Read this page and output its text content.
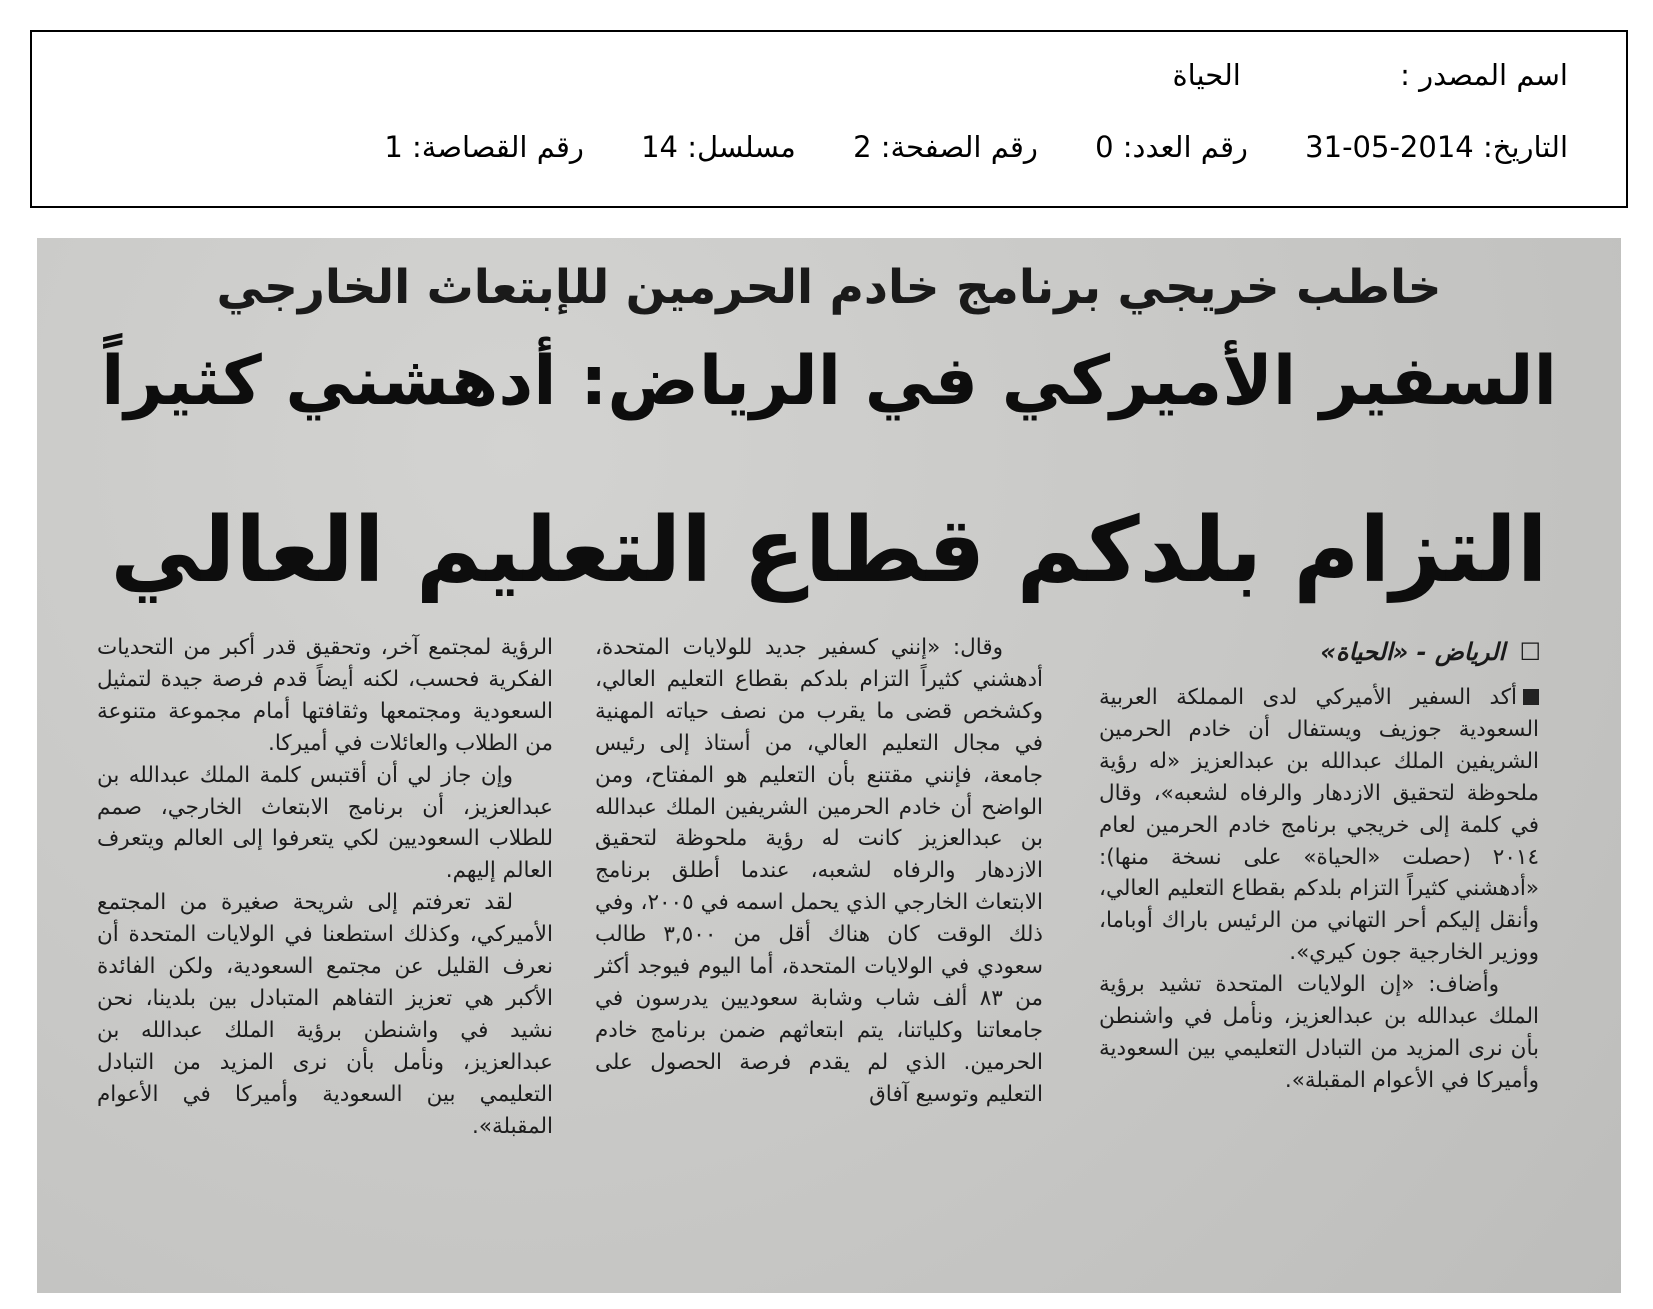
اسم المصدر : الحياة
التاريخ: 2014-05-31 رقم العدد: 0 رقم الصفحة: 2 مسلسل: 14 رقم القصاصة: 1
خاطب خريجي برنامج خادم الحرمين للإبتعاث الخارجي
السفير الأميركي في الرياض: أدهشني كثيراً
التزام بلدكم قطاع التعليم العالي
☐ الرياض - «الحياة»

أكد السفير الأميركي لدى المملكة العربية السعودية جوزيف ويستفال أن خادم الحرمين الشريفين الملك عبدالله بن عبدالعزيز «له رؤية ملحوظة لتحقيق الازدهار والرفاه لشعبه»، وقال في كلمة إلى خريجي برنامج خادم الحرمين لعام ٢٠١٤ (حصلت «الحياة» على نسخة منها): «أدهشني كثيراً التزام بلدكم بقطاع التعليم العالي، وأنقل إليكم أحر التهاني من الرئيس باراك أوباما، ووزير الخارجية جون كيري».

وأضاف: «إن الولايات المتحدة تشيد برؤية الملك عبدالله بن عبدالعزيز، ونأمل في واشنطن بأن نرى المزيد من التبادل التعليمي بين السعودية وأميركا في الأعوام المقبلة».

وقال: «إنني كسفير جديد للولايات المتحدة، أدهشني كثيراً التزام بلدكم بقطاع التعليم العالي، وكشخص قضى ما يقرب من نصف حياته المهنية في مجال التعليم العالي، من أستاذ إلى رئيس جامعة، فإنني مقتنع بأن التعليم هو المفتاح، ومن الواضح أن خادم الحرمين الشريفين الملك عبدالله بن عبدالعزيز كانت له رؤية ملحوظة لتحقيق الازدهار والرفاه لشعبه، عندما أطلق برنامج الابتعاث الخارجي الذي يحمل اسمه في ٢٠٠٥، وفي ذلك الوقت كان هناك أقل من ٣,٥٠٠ طالب سعودي في الولايات المتحدة، أما اليوم فيوجد أكثر من ٨٣ ألف شاب وشابة سعوديين يدرسون في جامعاتنا وكلياتنا، يتم ابتعاثهم ضمن برنامج خادم الحرمين. الذي لم يقدم فرصة الحصول على التعليم وتوسيع آفاق

الرؤية لمجتمع آخر، وتحقيق قدر أكبر من التحديات الفكرية فحسب، لكنه أيضاً قدم فرصة جيدة لتمثيل السعودية ومجتمعها وثقافتها أمام مجموعة متنوعة من الطلاب والعائلات في أميركا.

وإن جاز لي أن أقتبس كلمة الملك عبدالله بن عبدالعزيز، أن برنامج الابتعاث الخارجي، صمم للطلاب السعوديين لكي يتعرفوا إلى العالم ويتعرف العالم إليهم.

لقد تعرفتم إلى شريحة صغيرة من المجتمع الأميركي، وكذلك استطعنا في الولايات المتحدة أن نعرف القليل عن مجتمع السعودية، ولكن الفائدة الأكبر هي تعزيز التفاهم المتبادل بين بلدينا، نحن نشيد في واشنطن برؤية الملك عبدالله بن عبدالعزيز، ونأمل بأن نرى المزيد من التبادل التعليمي بين السعودية وأميركا في الأعوام المقبلة».
